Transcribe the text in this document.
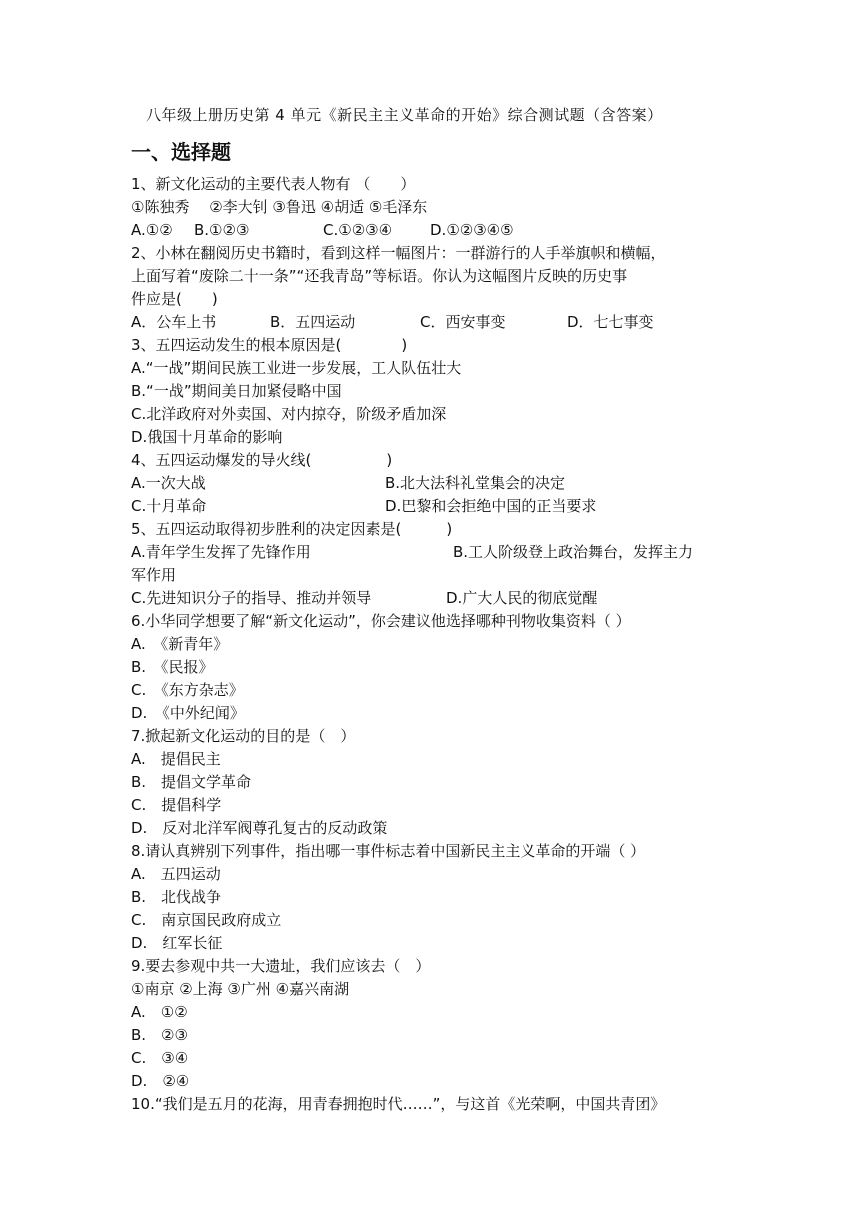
八年级上册历史第 4 单元《新民主主义革命的开始》综合测试题（含答案）
一、选择题
1、新文化运动的主要代表人物有 （　　）
①陈独秀　 ②李大钊 ③鲁迅 ④胡适 ⑤毛泽东
A.①② B.①②③	C.①②③④	D.①②③④⑤
2、小林在翻阅历史书籍时，看到这样一幅图片：一群游行的人手举旗帜和横幅，
上面写着“废除二十一条”“还我青岛”等标语。你认为这幅图片反映的历史事
件应是(　　)
A．公车上书	B．五四运动	C．西安事变	D．七七事变
3、五四运动发生的根本原因是(　　　　)
A.“一战”期间民族工业进一步发展，工人队伍壮大
B.“一战”期间美日加紧侵略中国
C.北洋政府对外卖国、对内掠夺，阶级矛盾加深
D.俄国十月革命的影响
4、五四运动爆发的导火线(　　　　　)
A.一次大战	B.北大法科礼堂集会的决定
C.十月革命	D.巴黎和会拒绝中国的正当要求
5、五四运动取得初步胜利的决定因素是(　　　)
A.青年学生发挥了先锋作用	B.工人阶级登上政治舞台，发挥主力
军作用
C.先进知识分子的指导、推动并领导	D.广大人民的彻底觉醒
6.小华同学想要了解“新文化运动”，你会建议他选择哪种刊物收集资料（ ）
A.　《新青年》
B.　《民报》
C.　《东方杂志》
D.　《中外纪闻》
7.掀起新文化运动的目的是（　）
A.　提倡民主
B.　提倡文学革命
C.　提倡科学
D.　反对北洋军阀尊孔复古的反动政策
8.请认真辨别下列事件，指出哪一事件标志着中国新民主主义革命的开端（ ）
A.　五四运动
B.　北伐战争
C.　南京国民政府成立
D.　红军长征
9.要去参观中共一大遗址，我们应该去（　）
①南京 ②上海 ③广州 ④嘉兴南湖
A.　①②
B.　②③
C.　③④
D.　②④
10.“我们是五月的花海，用青春拥抱时代……”，与这首《光荣啊，中国共青团》
